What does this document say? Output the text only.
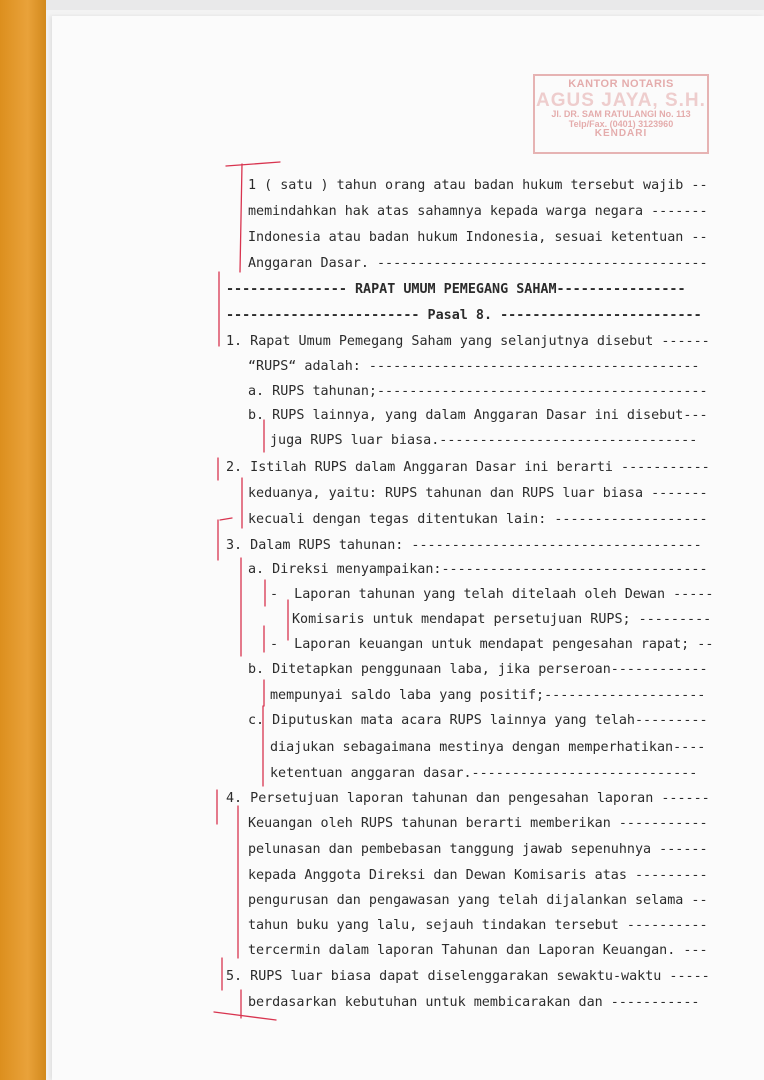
KANTOR NOTARIS
AGUS JAYA, S.H.
Jl. DR. SAM RATULANGI No. 113
Telp/Fax. (0401) 3123960
KENDARI
1 ( satu ) tahun orang atau badan hukum tersebut wajib --
memindahkan hak atas sahamnya kepada warga negara -------
Indonesia atau badan hukum Indonesia, sesuai ketentuan --
Anggaran Dasar. -----------------------------------------
--------------- RAPAT UMUM PEMEGANG SAHAM----------------
------------------------ Pasal 8. -------------------------
1. Rapat Umum Pemegang Saham yang selanjutnya disebut ------
“RUPS“ adalah: -----------------------------------------
a. RUPS tahunan;-----------------------------------------
b. RUPS lainnya, yang dalam Anggaran Dasar ini disebut---
juga RUPS luar biasa.--------------------------------
2. Istilah RUPS dalam Anggaran Dasar ini berarti -----------
keduanya, yaitu: RUPS tahunan dan RUPS luar biasa -------
kecuali dengan tegas ditentukan lain: -------------------
3. Dalam RUPS tahunan: ------------------------------------
a. Direksi menyampaikan:---------------------------------
-  Laporan tahunan yang telah ditelaah oleh Dewan -----
Komisaris untuk mendapat persetujuan RUPS; ---------
-  Laporan keuangan untuk mendapat pengesahan rapat; --
b. Ditetapkan penggunaan laba, jika perseroan------------
mempunyai saldo laba yang positif;--------------------
c. Diputuskan mata acara RUPS lainnya yang telah---------
diajukan sebagaimana mestinya dengan memperhatikan----
ketentuan anggaran dasar.----------------------------
4. Persetujuan laporan tahunan dan pengesahan laporan ------
Keuangan oleh RUPS tahunan berarti memberikan -----------
pelunasan dan pembebasan tanggung jawab sepenuhnya ------
kepada Anggota Direksi dan Dewan Komisaris atas ---------
pengurusan dan pengawasan yang telah dijalankan selama --
tahun buku yang lalu, sejauh tindakan tersebut ----------
tercermin dalam laporan Tahunan dan Laporan Keuangan. ---
5. RUPS luar biasa dapat diselenggarakan sewaktu-waktu -----
berdasarkan kebutuhan untuk membicarakan dan -----------
